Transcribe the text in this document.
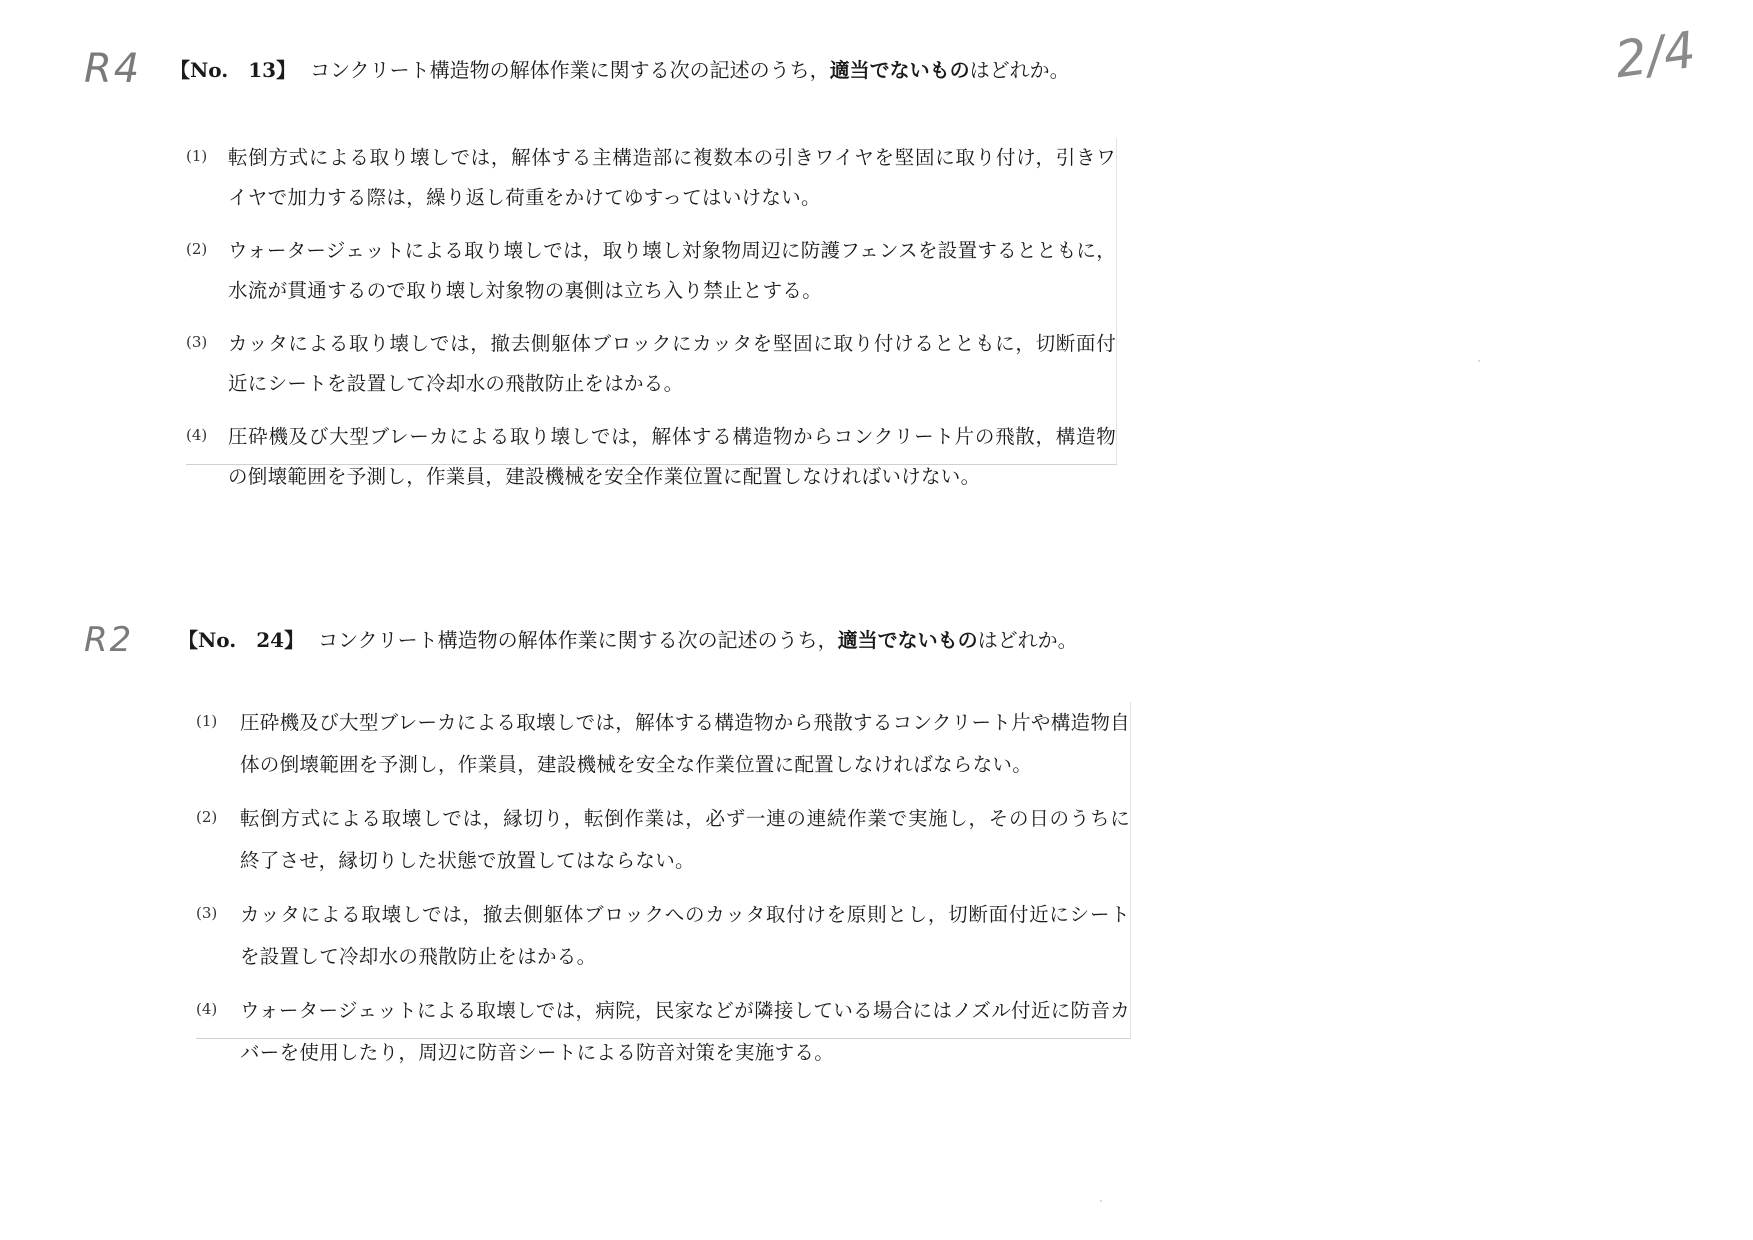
2/4
R4 【No.　13】 コンクリート構造物の解体作業に関する次の記述のうち，適当でないものはどれか。
(1) 転倒方式による取り壊しでは，解体する主構造部に複数本の引きワイヤを堅固に取り付け，引きワイヤで加力する際は，繰り返し荷重をかけてゆすってはいけない。
(2) ウォータージェットによる取り壊しでは，取り壊し対象物周辺に防護フェンスを設置するとともに，水流が貫通するので取り壊し対象物の裏側は立ち入り禁止とする。
(3) カッタによる取り壊しでは，撤去側躯体ブロックにカッタを堅固に取り付けるとともに，切断面付近にシートを設置して冷却水の飛散防止をはかる。
(4) 圧砕機及び大型ブレーカによる取り壊しでは，解体する構造物からコンクリート片の飛散，構造物の倒壊範囲を予測し，作業員，建設機械を安全作業位置に配置しなければいけない。
R2 【No.　24】 コンクリート構造物の解体作業に関する次の記述のうち，適当でないものはどれか。
(1) 圧砕機及び大型ブレーカによる取壊しでは，解体する構造物から飛散するコンクリート片や構造物自体の倒壊範囲を予測し，作業員，建設機械を安全な作業位置に配置しなければならない。
(2) 転倒方式による取壊しでは，縁切り，転倒作業は，必ず一連の連続作業で実施し，その日のうちに終了させ，縁切りした状態で放置してはならない。
(3) カッタによる取壊しでは，撤去側躯体ブロックへのカッタ取付けを原則とし，切断面付近にシートを設置して冷却水の飛散防止をはかる。
(4) ウォータージェットによる取壊しでは，病院，民家などが隣接している場合にはノズル付近に防音カバーを使用したり，周辺に防音シートによる防音対策を実施する。
